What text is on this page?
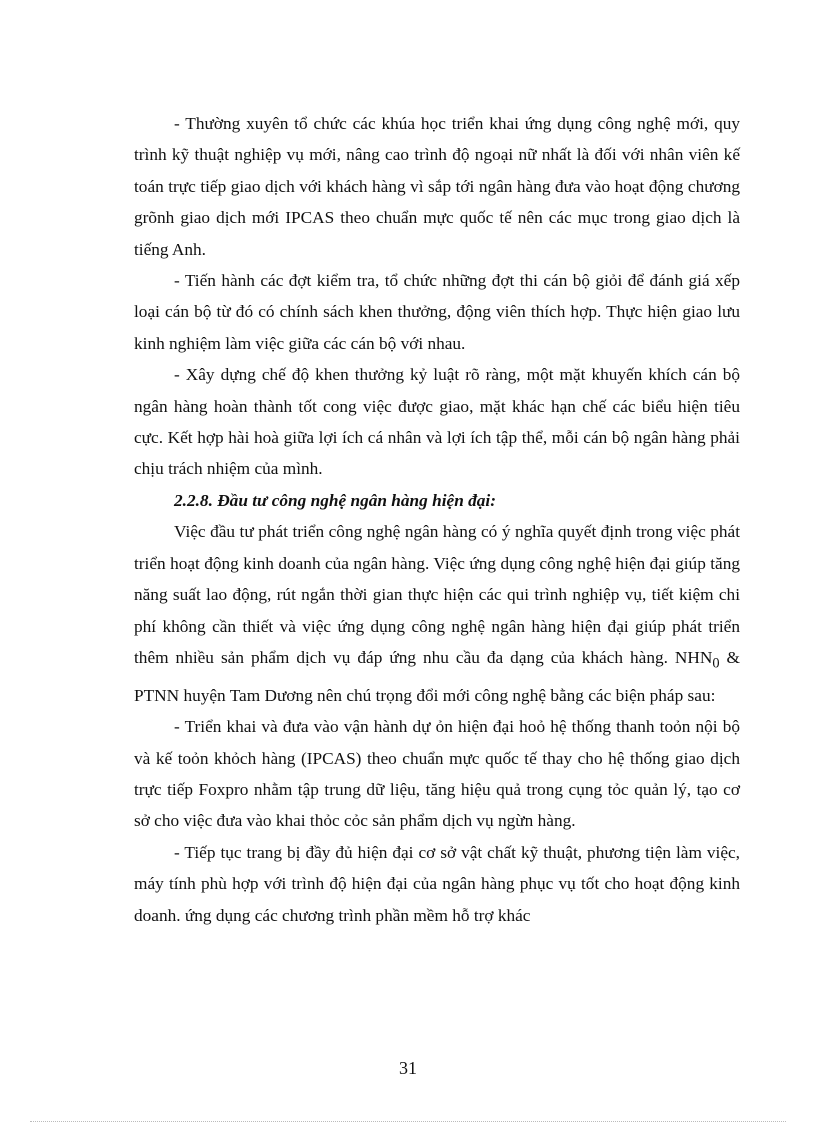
- Thường xuyên tổ chức các khúa học triển khai ứng dụng công nghệ mới, quy trình kỹ thuật nghiệp vụ mới, nâng cao trình độ ngoại nữ nhất là đối với nhân viên kế toán trực tiếp giao dịch với khách hàng vì sắp tới ngân hàng đưa vào hoạt động chương grõnh giao dịch mới IPCAS theo chuẩn mực quốc tế nên các mục trong giao dịch là tiếng Anh.

- Tiến hành các đợt kiểm tra, tổ chức những đợt thi cán bộ giỏi để đánh giá xếp loại cán bộ từ đó có chính sách khen thưởng, động viên thích hợp. Thực hiện giao lưu kinh nghiệm làm việc giữa các cán bộ với nhau.

- Xây dựng chế độ khen thưởng kỷ luật rõ ràng, một mặt khuyến khích cán bộ ngân hàng hoàn thành tốt cong việc được giao, mặt khác hạn chế các biểu hiện tiêu cực. Kết hợp hài hoà giữa lợi ích cá nhân và lợi ích tập thể, mỗi cán bộ ngân hàng phải chịu trách nhiệm của mình.

2.2.8. Đầu tư công nghệ ngân hàng hiện đại:

Việc đầu tư phát triển công nghệ ngân hàng có ý nghĩa quyết định trong việc phát triển hoạt động kinh doanh của ngân hàng. Việc ứng dụng công nghệ hiện đại giúp tăng năng suất lao động, rút ngắn thời gian thực hiện các qui trình nghiệp vụ, tiết kiệm chi phí không cần thiết và việc ứng dụng công nghệ ngân hàng hiện đại giúp phát triển thêm nhiều sản phẩm dịch vụ đáp ứng nhu cầu đa dạng của khách hàng. $NHN_0$ & PTNN huyện Tam Dương nên chú trọng đổi mới công nghệ bằng các biện pháp sau:

- Triển khai và đưa vào vận hành dự ỏn hiện đại hoỏ hệ thống thanh toỏn nội bộ và kế toỏn khỏch hàng (IPCAS) theo chuẩn mực quốc tế thay cho hệ thống giao dịch trực tiếp Foxpro nhằm tập trung dữ liệu, tăng hiệu quả trong cụng tỏc quản lý, tạo cơ sở cho việc đưa vào khai thỏc cỏc sản phẩm dịch vụ ngừn hàng.

- Tiếp tục trang bị đầy đủ hiện đại cơ sở vật chất kỹ thuật, phương tiện làm việc, máy tính phù hợp với trình độ hiện đại của ngân hàng phục vụ tốt cho hoạt động kinh doanh. ứng dụng các chương trình phần mềm hỗ trợ khác

31
